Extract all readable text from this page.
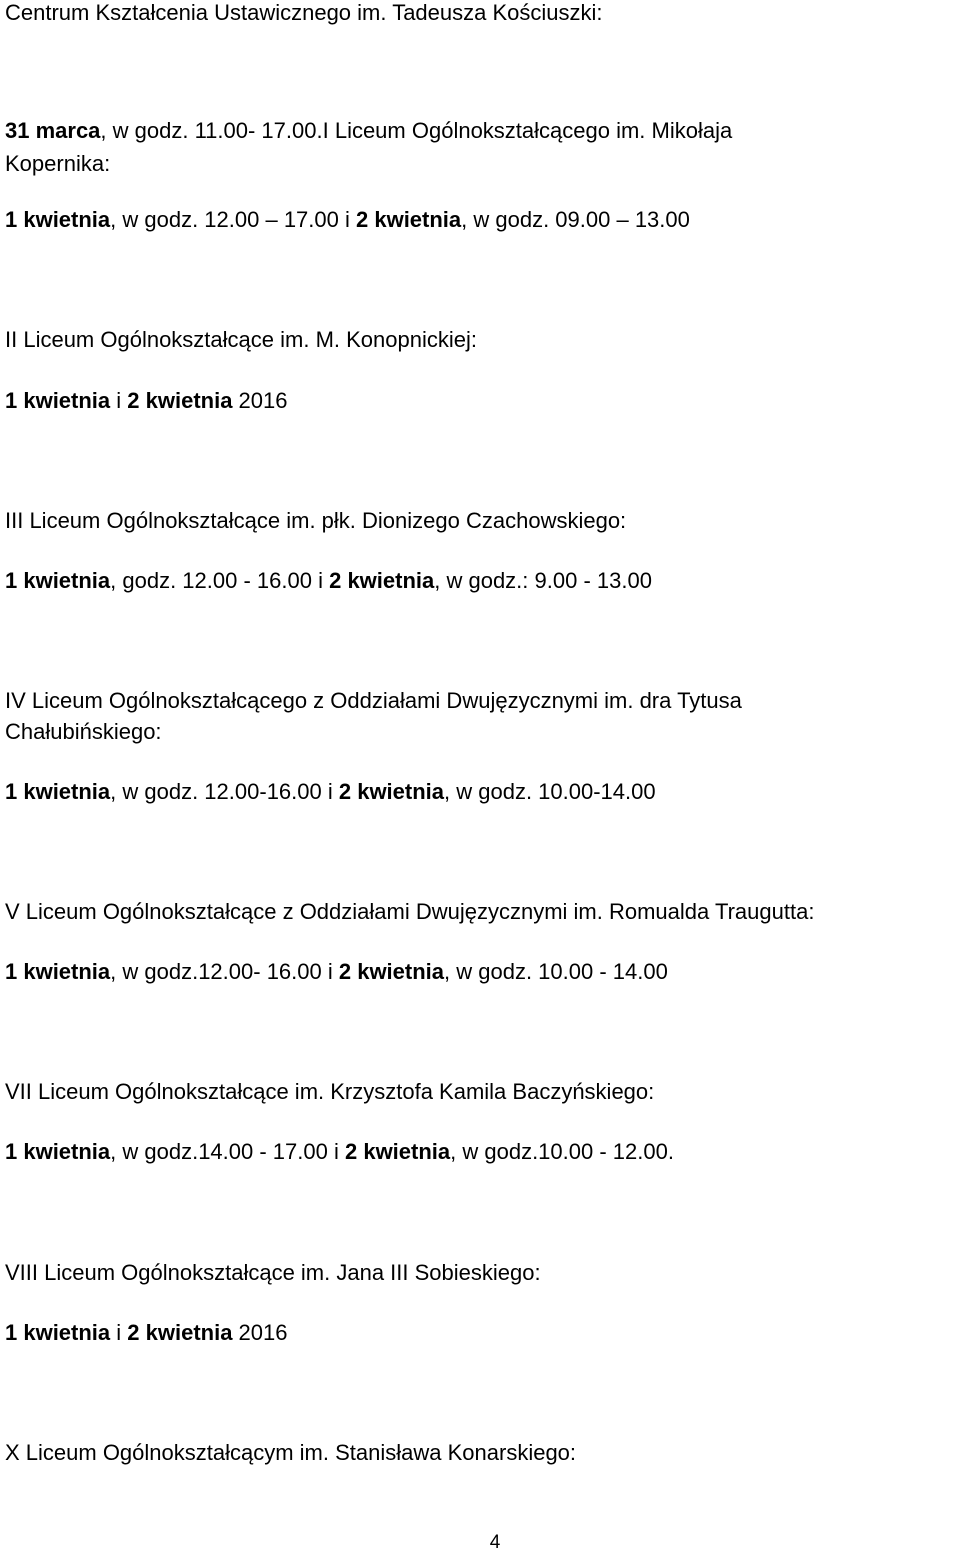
Centrum Kształcenia Ustawicznego im. Tadeusza Kościuszki:

31 marca, w godz. 11.00- 17.00.I Liceum Ogólnokształcącego im. Mikołaja

Kopernika:

1 kwietnia, w godz. 12.00 – 17.00 i 2 kwietnia, w godz. 09.00 – 13.00

II Liceum Ogólnokształcące im. M. Konopnickiej:

1 kwietnia i 2 kwietnia 2016

III Liceum Ogólnokształcące im. płk. Dionizego Czachowskiego:

1 kwietnia, godz. 12.00 - 16.00 i 2 kwietnia, w godz.: 9.00 - 13.00

IV Liceum Ogólnokształcącego z Oddziałami Dwujęzycznymi im. dra Tytusa

Chałubińskiego:

1 kwietnia, w godz. 12.00-16.00 i 2 kwietnia, w godz. 10.00-14.00

V Liceum Ogólnokształcące z Oddziałami Dwujęzycznymi im. Romualda Traugutta:

1 kwietnia, w godz.12.00- 16.00 i 2 kwietnia, w godz. 10.00 - 14.00

VII Liceum Ogólnokształcące im. Krzysztofa Kamila Baczyńskiego:

1 kwietnia, w godz.14.00 - 17.00 i 2 kwietnia, w godz.10.00 - 12.00.

VIII Liceum Ogólnokształcące im. Jana III Sobieskiego:

1 kwietnia i 2 kwietnia 2016

X Liceum Ogólnokształcącym im. Stanisława Konarskiego:

4
